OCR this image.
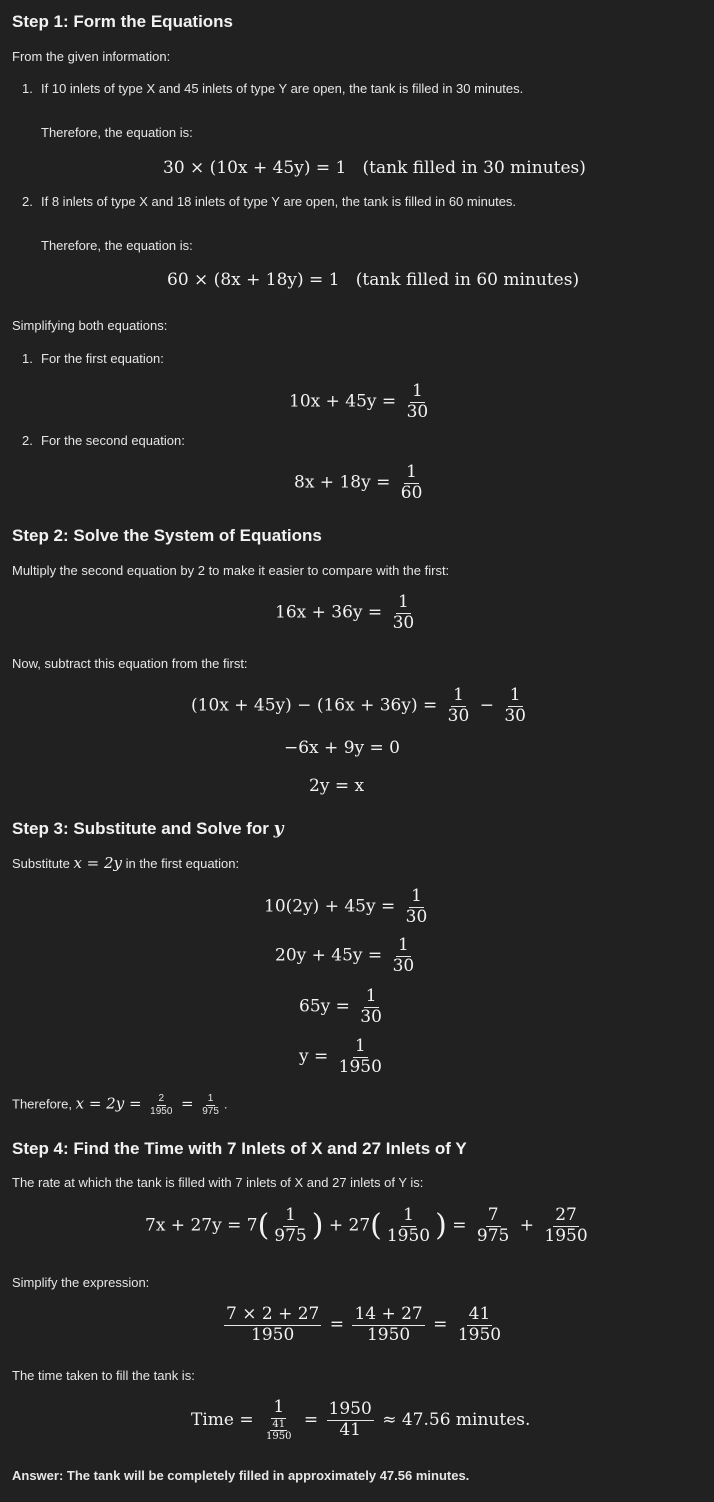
Step 1: Form the Equations
From the given information:
1. If 10 inlets of type X and 45 inlets of type Y are open, the tank is filled in 30 minutes.
Therefore, the equation is:
30 × (10x + 45y) = 1 (tank filled in 30 minutes)
2. If 8 inlets of type X and 18 inlets of type Y are open, the tank is filled in 60 minutes.
Therefore, the equation is:
60 × (8x + 18y) = 1 (tank filled in 60 minutes)
Simplifying both equations:
1. For the first equation:
$10x + 45y = \frac{1}{30}$
2. For the second equation:
$8x + 18y = \frac{1}{60}$
Step 2: Solve the System of Equations
Multiply the second equation by 2 to make it easier to compare with the first:
$16x + 36y = \frac{1}{30}$
Now, subtract this equation from the first:
$(10x + 45y) - (16x + 36y) = \frac{1}{30} - \frac{1}{30}$
−6x + 9y = 0
2y = x
Step 3: Substitute and Solve for y
Substitute x = 2y in the first equation:
$10(2y) + 45y = \frac{1}{30}$
$20y + 45y = \frac{1}{30}$
$65y = \frac{1}{30}$
$y = \frac{1}{1950}$
Therefore, $x = 2y = \frac{2}{1950} = \frac{1}{975}$ .
Step 4: Find the Time with 7 Inlets of X and 27 Inlets of Y
The rate at which the tank is filled with 7 inlets of X and 27 inlets of Y is:
$7x + 27y = 7( \frac{1}{975}$ ) + $27( \frac{1}{1950}$ ) = $\frac{7}{975} + \frac{27}{1950}$
Simplify the expression:
$\frac{7 \times 2 + 27}{1950} = \frac{14 + 27}{1950} = \frac{41}{1950}$
The time taken to fill the tank is:
Time = $\frac{1}{\frac{41}{1950}} = \frac{1950}{41} \approx 47.56$ minutes.
Answer: The tank will be completely filled in approximately 47.56 minutes.
